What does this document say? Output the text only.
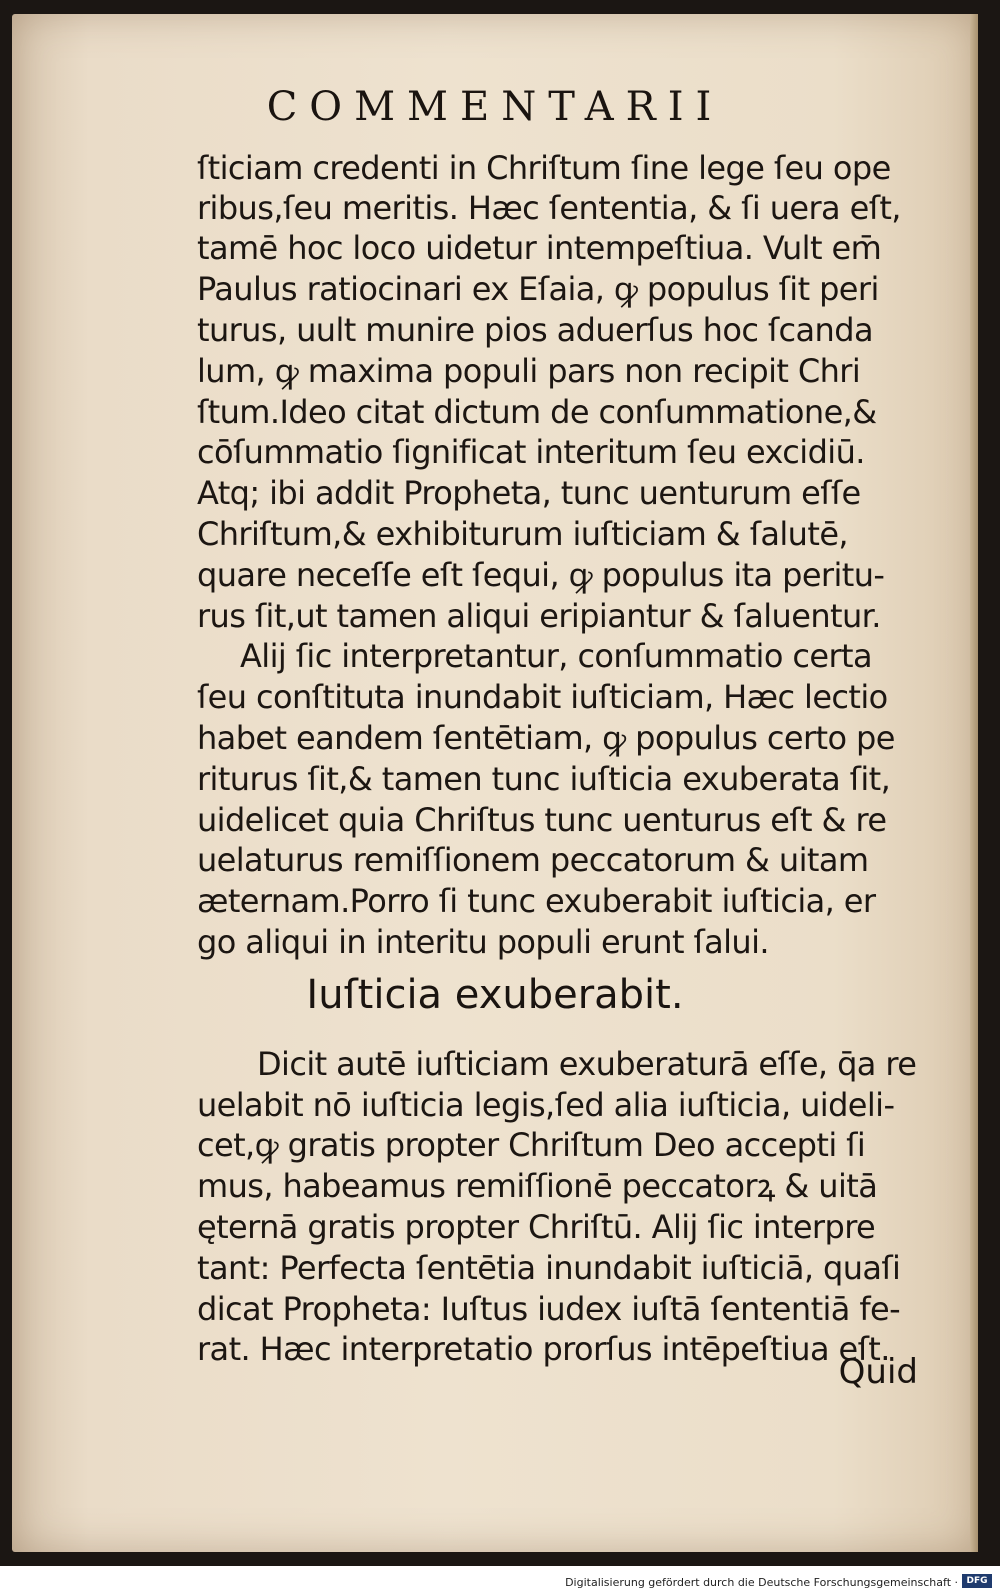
COMMENTARII
ſticiam credenti in Chriſtum ſine lege ſeu ope
ribus,ſeu meritis. Hæc ſententia, & ſi uera eſt,
tamē hoc loco uidetur intempeſtiua. Vult em̄
Paulus ratiocinari ex Eſaia, ꝙ populus ſit peri
turus, uult munire pios aduerſus hoc ſcanda
lum, ꝙ maxima populi pars non recipit Chri
ſtum.Ideo citat dictum de conſummatione,&
cōſummatio ſignificat interitum ſeu excidiū.
Atq; ibi addit Propheta, tunc uenturum eſſe
Chriſtum,& exhibiturum iuſticiam & ſalutē,
quare neceſſe eſt ſequi, ꝙ populus ita peritu-
rus ſit,ut tamen aliqui eripiantur & ſaluentur.
Alij ſic interpretantur, conſummatio certa
ſeu conſtituta inundabit iuſticiam, Hæc lectio
habet eandem ſentētiam, ꝙ populus certo pe
riturus ſit,& tamen tunc iuſticia exuberata ſit,
uidelicet quia Chriſtus tunc uenturus eſt & re
uelaturus remiſſionem peccatorum & uitam
æternam.Porro ſi tunc exuberabit iuſticia, er
go aliqui in interitu populi erunt ſalui.
Iuſticia exuberabit.
Dicit autē iuſticiam exuberaturā eſſe, q̄a re
uelabit nō iuſticia legis,ſed alia iuſticia, uideli-
cet,ꝙ gratis propter Chriſtum Deo accepti ſi
mus, habeamus remiſſionē peccatorꝝ & uitā
ęternā gratis propter Chriſtū. Alij ſic interpre
tant: Perfecta ſentētia inundabit iuſticiā, quaſi
dicat Propheta: Iuſtus iudex iuſtā ſententiā fe-
rat. Hæc interpretatio prorſus intēpeſtiua eſt.
Quid
Digitalisierung gefördert durch die Deutsche Forschungsgemeinschaft · DFG
